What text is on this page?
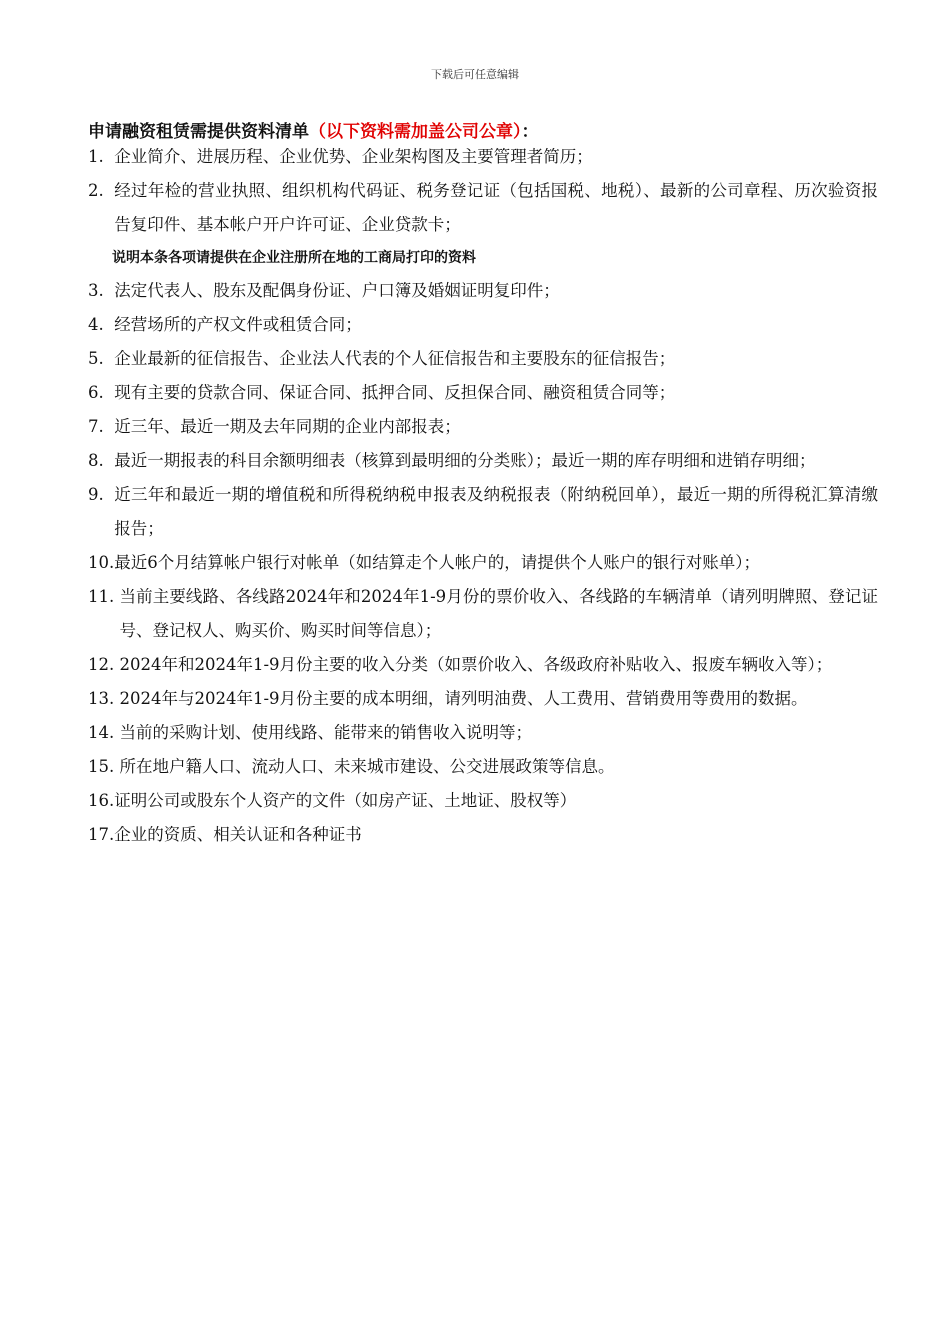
下载后可任意编辑
申请融资租赁需提供资料清单（以下资料需加盖公司公章）：
1. 企业简介、进展历程、企业优势、企业架构图及主要管理者简历；
2. 经过年检的营业执照、组织机构代码证、税务登记证（包括国税、地税）、最新的公司章程、历次验资报告复印件、基本帐户开户许可证、企业贷款卡；
说明本条各项请提供在企业注册所在地的工商局打印的资料
3. 法定代表人、股东及配偶身份证、户口簿及婚姻证明复印件；
4. 经营场所的产权文件或租赁合同；
5. 企业最新的征信报告、企业法人代表的个人征信报告和主要股东的征信报告；
6. 现有主要的贷款合同、保证合同、抵押合同、反担保合同、融资租赁合同等；
7. 近三年、最近一期及去年同期的企业内部报表；
8. 最近一期报表的科目余额明细表（核算到最明细的分类账）；最近一期的库存明细和进销存明细；
9. 近三年和最近一期的增值税和所得税纳税申报表及纳税报表（附纳税回单），最近一期的所得税汇算清缴报告；
10. 最近6个月结算帐户银行对帐单（如结算走个人帐户的，请提供个人账户的银行对账单）；
11. 当前主要线路、各线路2024年和2024年1-9月份的票价收入、各线路的车辆清单（请列明牌照、登记证号、登记权人、购买价、购买时间等信息）；
12. 2024年和2024年1-9月份主要的收入分类（如票价收入、各级政府补贴收入、报废车辆收入等）；
13. 2024年与2024年1-9月份主要的成本明细，请列明油费、人工费用、营销费用等费用的数据。
14. 当前的采购计划、使用线路、能带来的销售收入说明等；
15. 所在地户籍人口、流动人口、未来城市建设、公交进展政策等信息。
16. 证明公司或股东个人资产的文件（如房产证、土地证、股权等）
17. 企业的资质、相关认证和各种证书
